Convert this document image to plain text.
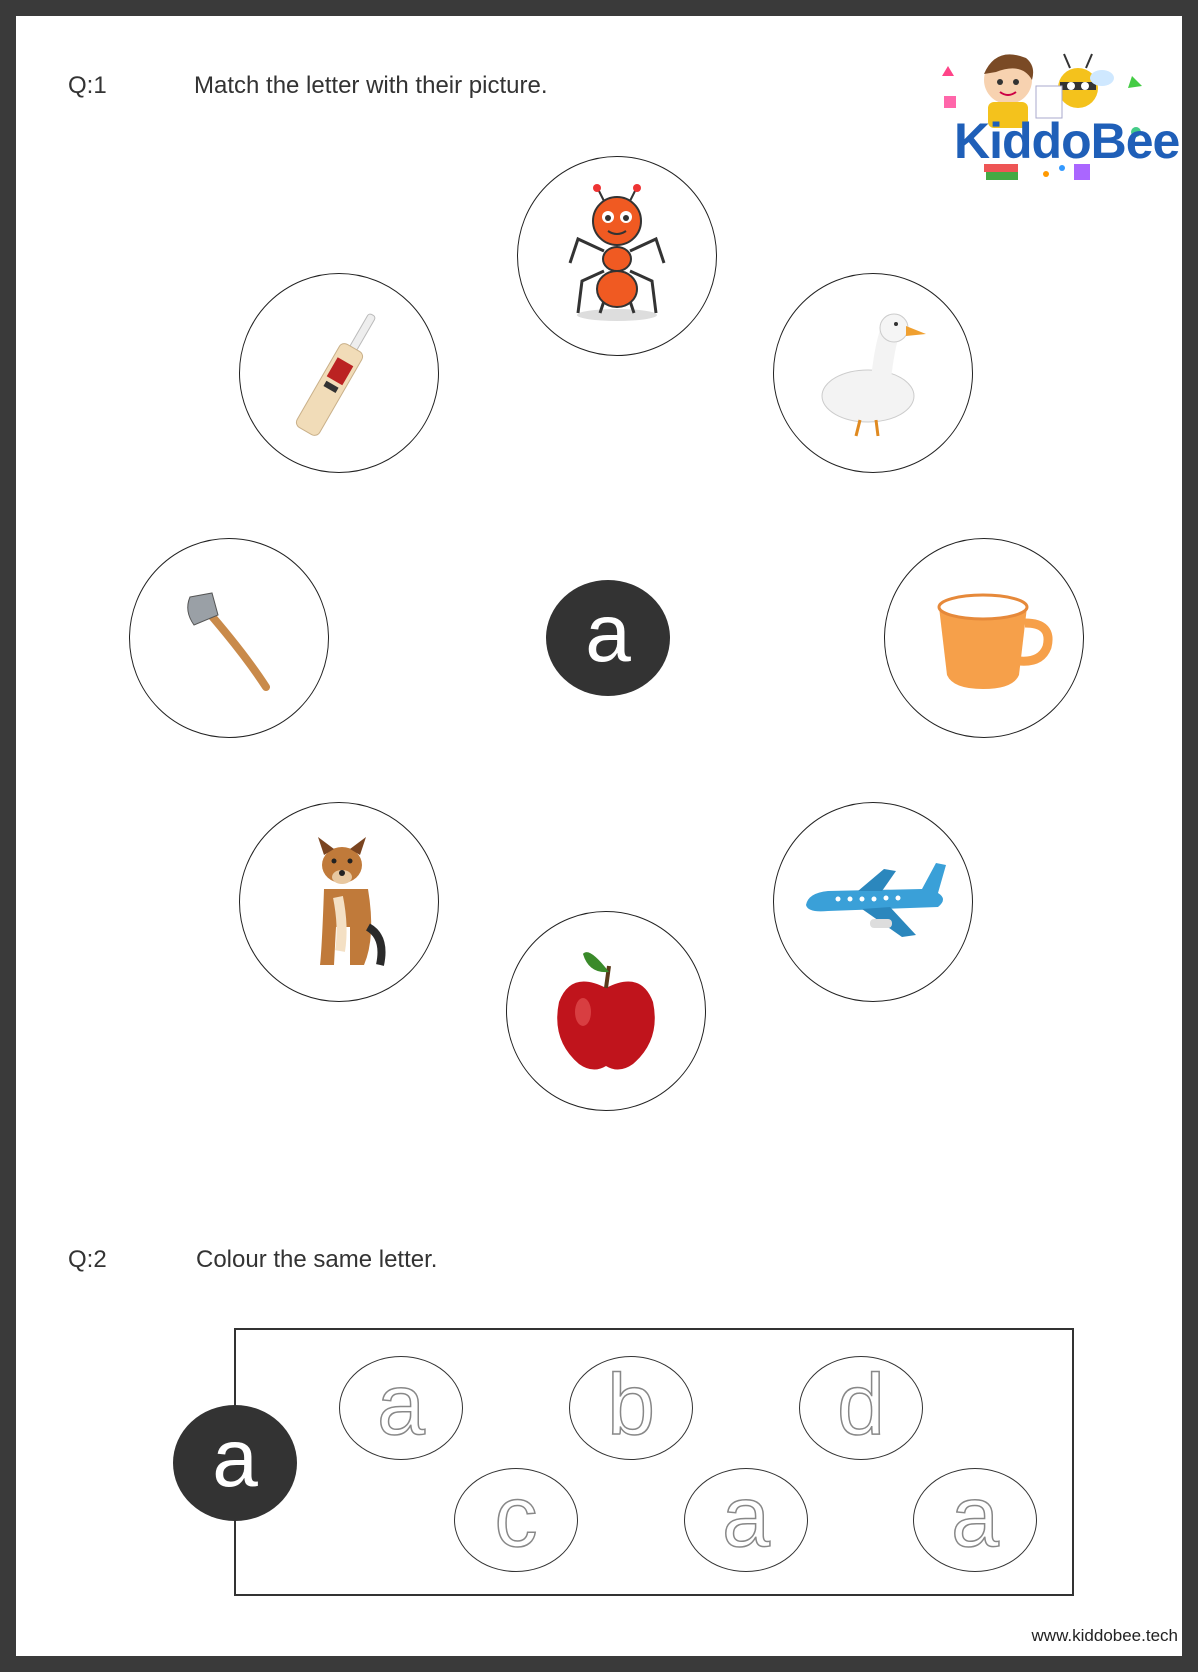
Q:1	Match the letter with their picture.
KiddoBee
a
Q:2	Colour the same letter.
a
a b d
c a a
www.kiddobee.tech
